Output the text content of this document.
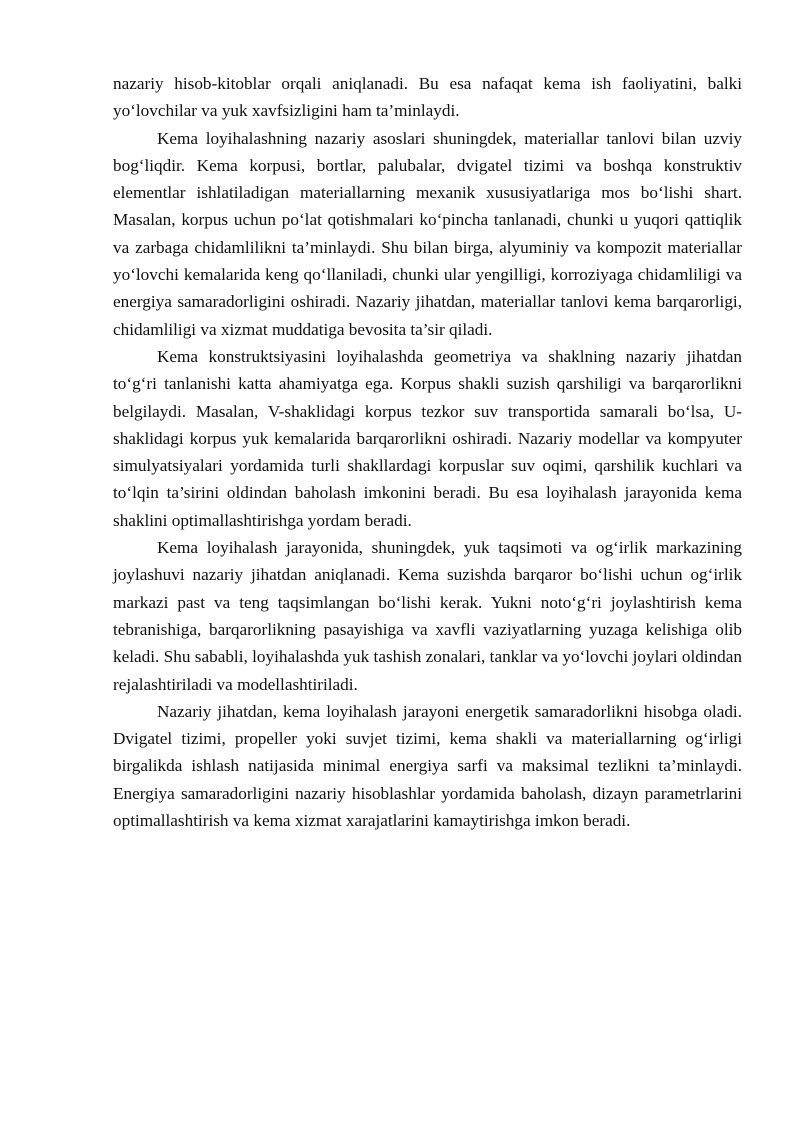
nazariy hisob-kitoblar orqali aniqlanadi. Bu esa nafaqat kema ish faoliyatini, balki yo‘lovchilar va yuk xavfsizligini ham ta’minlaydi.

Kema loyihalashning nazariy asoslari shuningdek, materiallar tanlovi bilan uzviy bog‘liqdir. Kema korpusi, bortlar, palubalar, dvigatel tizimi va boshqa konstruktiv elementlar ishlatiladigan materiallarning mexanik xususiyatlariga mos bo‘lishi shart. Masalan, korpus uchun po‘lat qotishmalari ko‘pincha tanlanadi, chunki u yuqori qattiqlik va zarbaga chidamlilikni ta’minlaydi. Shu bilan birga, alyuminiy va kompozit materiallar yo‘lovchi kemalarida keng qo‘llaniladi, chunki ular yengilligi, korroziyaga chidamliligi va energiya samaradorligini oshiradi. Nazariy jihatdan, materiallar tanlovi kema barqarorligi, chidamliligi va xizmat muddatiga bevosita ta’sir qiladi.

Kema konstruktsiyasini loyihalashda geometriya va shaklning nazariy jihatdan to‘g‘ri tanlanishi katta ahamiyatga ega. Korpus shakli suzish qarshiligi va barqarorlikni belgilaydi. Masalan, V-shaklidagi korpus tezkor suv transportida samarali bo‘lsa, U-shaklidagi korpus yuk kemalarida barqarorlikni oshiradi. Nazariy modellar va kompyuter simulyatsiyalari yordamida turli shakllardagi korpuslar suv oqimi, qarshilik kuchlari va to‘lqin ta’sirini oldindan baholash imkonini beradi. Bu esa loyihalash jarayonida kema shaklini optimallashtirishga yordam beradi.

Kema loyihalash jarayonida, shuningdek, yuk taqsimoti va og‘irlik markazining joylashuvi nazariy jihatdan aniqlanadi. Kema suzishda barqaror bo‘lishi uchun og‘irlik markazi past va teng taqsimlangan bo‘lishi kerak. Yukni noto‘g‘ri joylashtirish kema tebranishiga, barqarorlikning pasayishiga va xavfli vaziyatlarning yuzaga kelishiga olib keladi. Shu sababli, loyihalashda yuk tashish zonalari, tanklar va yo‘lovchi joylari oldindan rejalashtiriladi va modellashtiriladi.

Nazariy jihatdan, kema loyihalash jarayoni energetik samaradorlikni hisobga oladi. Dvigatel tizimi, propeller yoki suvjet tizimi, kema shakli va materiallarning og‘irligi birgalikda ishlash natijasida minimal energiya sarfi va maksimal tezlikni ta’minlaydi. Energiya samaradorligini nazariy hisoblashlar yordamida baholash, dizayn parametrlarini optimallashtirish va kema xizmat xarajatlarini kamaytirishga imkon beradi.
